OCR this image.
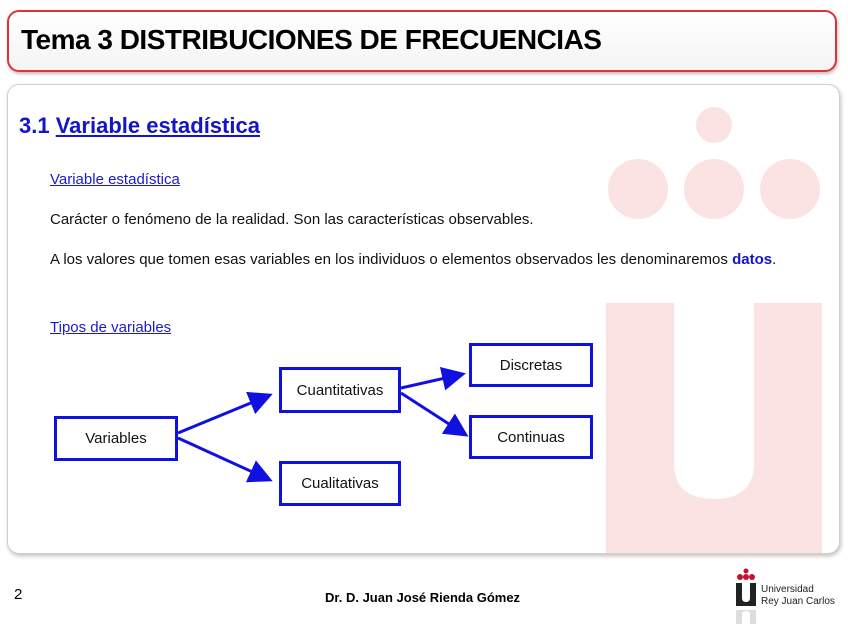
Tema 3 DISTRIBUCIONES DE FRECUENCIAS
3.1 Variable estadística
Variable estadística
Carácter o fenómeno de la realidad. Son las características observables.
A los valores que tomen esas variables en los individuos o elementos observados les denominaremos datos.
Tipos de variables
Variables
Cuantitativas
Cualitativas
Discretas
Continuas
2	Dr. D. Juan José Rienda Gómez
Universidad
Rey Juan Carlos
